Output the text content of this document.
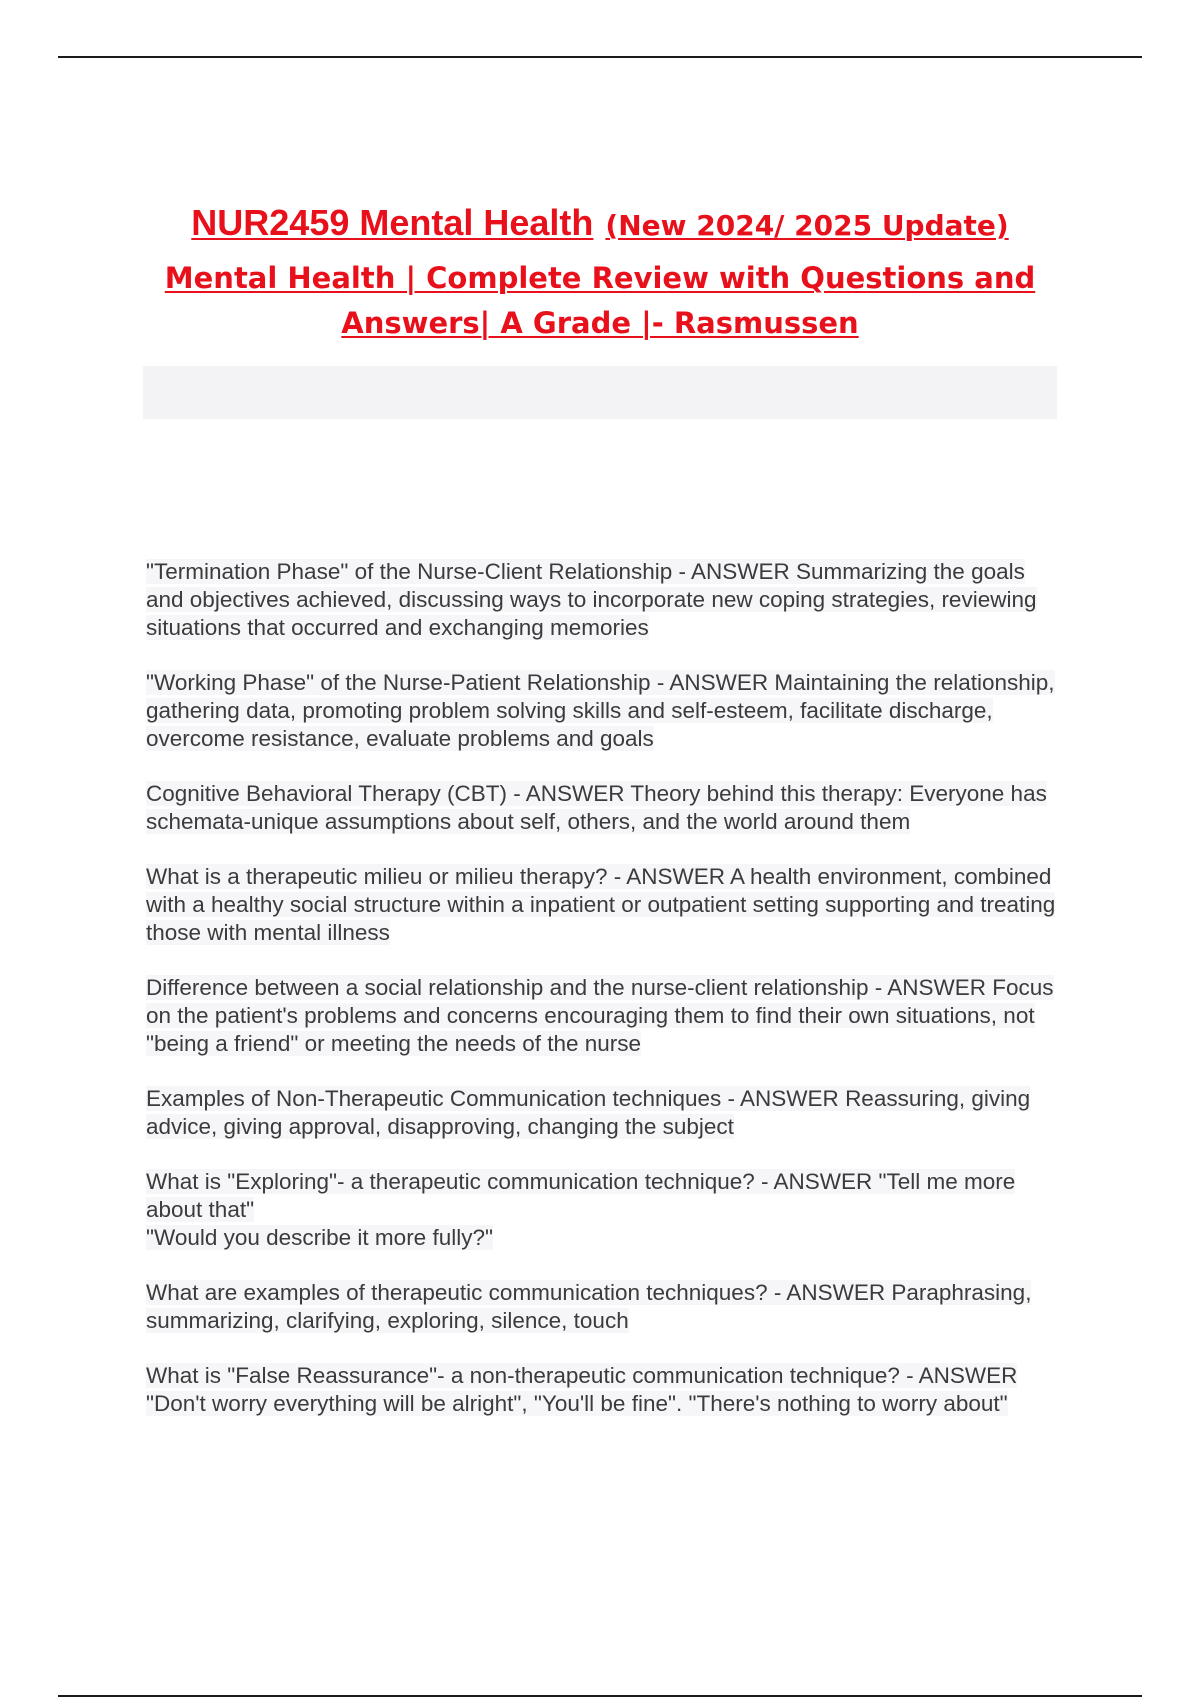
NUR2459 Mental Health (New 2024/ 2025 Update)
Mental Health | Complete Review with Questions and
Answers| A Grade |- Rasmussen

"Termination Phase" of the Nurse-Client Relationship - ANSWER Summarizing the goals and objectives achieved, discussing ways to incorporate new coping strategies, reviewing situations that occurred and exchanging memories

"Working Phase" of the Nurse-Patient Relationship - ANSWER Maintaining the relationship, gathering data, promoting problem solving skills and self-esteem, facilitate discharge, overcome resistance, evaluate problems and goals

Cognitive Behavioral Therapy (CBT) - ANSWER Theory behind this therapy: Everyone has schemata-unique assumptions about self, others, and the world around them

What is a therapeutic milieu or milieu therapy? - ANSWER A health environment, combined with a healthy social structure within a inpatient or outpatient setting supporting and treating those with mental illness

Difference between a social relationship and the nurse-client relationship - ANSWER Focus on the patient's problems and concerns encouraging them to find their own situations, not "being a friend" or meeting the needs of the nurse

Examples of Non-Therapeutic Communication techniques - ANSWER Reassuring, giving advice, giving approval, disapproving, changing the subject

What is "Exploring"- a therapeutic communication technique? - ANSWER "Tell me more about that"
"Would you describe it more fully?"

What are examples of therapeutic communication techniques? - ANSWER Paraphrasing, summarizing, clarifying, exploring, silence, touch

What is "False Reassurance"- a non-therapeutic communication technique? - ANSWER "Don't worry everything will be alright", "You'll be fine". "There's nothing to worry about"
